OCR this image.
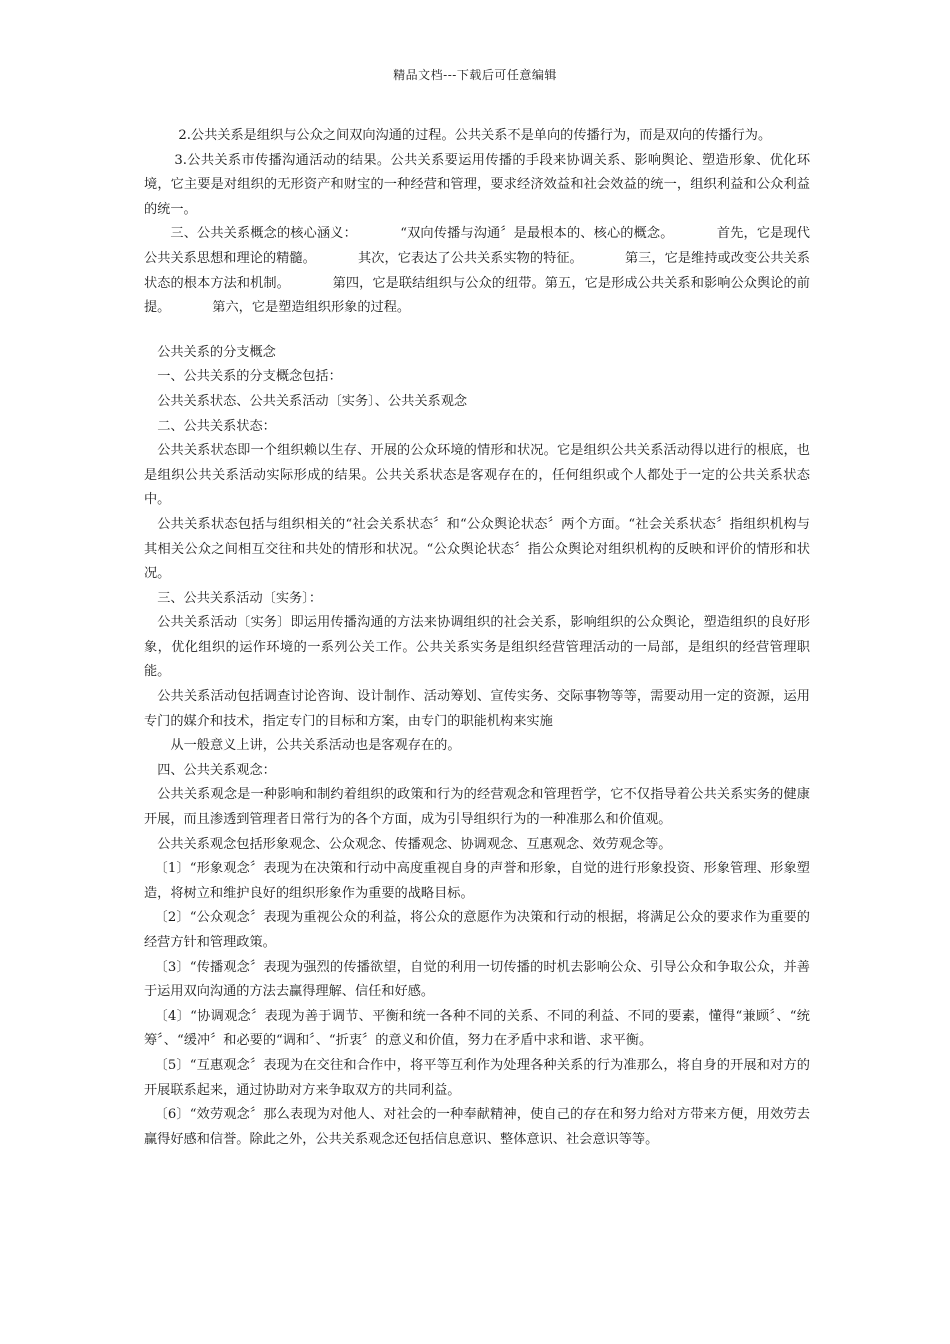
精品文档---下载后可任意编辑

2.公共关系是组织与公众之间双向沟通的过程。公共关系不是单向的传播行为，而是双向的传播行为。

3.公共关系市传播沟通活动的结果。公共关系要运用传播的手段来协调关系、影响舆论、塑造形象、优化环境，它主要是对组织的无形资产和财宝的一种经营和管理，要求经济效益和社会效益的统一，组织利益和公众利益的统一。

三、公共关系概念的核心涵义：          “双向传播与沟通〞是最根本的、核心的概念。          首先，它是现代公共关系思想和理论的精髓。          其次，它表达了公共关系实物的特征。          第三，它是维持或改变公共关系状态的根本方法和机制。          第四，它是联结组织与公众的纽带。第五，它是形成公共关系和影响公众舆论的前提。          第六，它是塑造组织形象的过程。

公共关系的分支概念

一、公共关系的分支概念包括：

公共关系状态、公共关系活动〔实务〕、公共关系观念

二、公共关系状态：

公共关系状态即一个组织赖以生存、开展的公众环境的情形和状况。它是组织公共关系活动得以进行的根底，也是组织公共关系活动实际形成的结果。公共关系状态是客观存在的，任何组织或个人都处于一定的公共关系状态中。

公共关系状态包括与组织相关的“社会关系状态〞和“公众舆论状态〞两个方面。“社会关系状态〞指组织机构与其相关公众之间相互交往和共处的情形和状况。“公众舆论状态〞指公众舆论对组织机构的反映和评价的情形和状况。

三、公共关系活动〔实务〕：

公共关系活动〔实务〕即运用传播沟通的方法来协调组织的社会关系，影响组织的公众舆论，塑造组织的良好形象，优化组织的运作环境的一系列公关工作。公共关系实务是组织经营管理活动的一局部，是组织的经营管理职能。

公共关系活动包括调查讨论咨询、设计制作、活动筹划、宣传实务、交际事物等等，需要动用一定的资源，运用专门的媒介和技术，指定专门的目标和方案，由专门的职能机构来实施

从一般意义上讲，公共关系活动也是客观存在的。

四、公共关系观念：

公共关系观念是一种影响和制约着组织的政策和行为的经营观念和管理哲学，它不仅指导着公共关系实务的健康开展，而且渗透到管理者日常行为的各个方面，成为引导组织行为的一种准那么和价值观。

公共关系观念包括形象观念、公众观念、传播观念、协调观念、互惠观念、效劳观念等。

〔1〕“形象观念〞表现为在决策和行动中高度重视自身的声誉和形象，自觉的进行形象投资、形象管理、形象塑造，将树立和维护良好的组织形象作为重要的战略目标。

〔2〕“公众观念〞表现为重视公众的利益，将公众的意愿作为决策和行动的根据，将满足公众的要求作为重要的经营方针和管理政策。

〔3〕“传播观念〞表现为强烈的传播欲望，自觉的利用一切传播的时机去影响公众、引导公众和争取公众，并善于运用双向沟通的方法去赢得理解、信任和好感。

〔4〕“协调观念〞表现为善于调节、平衡和统一各种不同的关系、不同的利益、不同的要素，懂得“兼顾〞、“统筹〞、“缓冲〞和必要的“调和〞、“折衷〞的意义和价值，努力在矛盾中求和谐、求平衡。

〔5〕“互惠观念〞表现为在交往和合作中，将平等互利作为处理各种关系的行为准那么，将自身的开展和对方的开展联系起来，通过协助对方来争取双方的共同利益。

〔6〕“效劳观念〞那么表现为对他人、对社会的一种奉献精神，使自己的存在和努力给对方带来方便，用效劳去赢得好感和信誉。除此之外，公共关系观念还包括信息意识、整体意识、社会意识等等。
